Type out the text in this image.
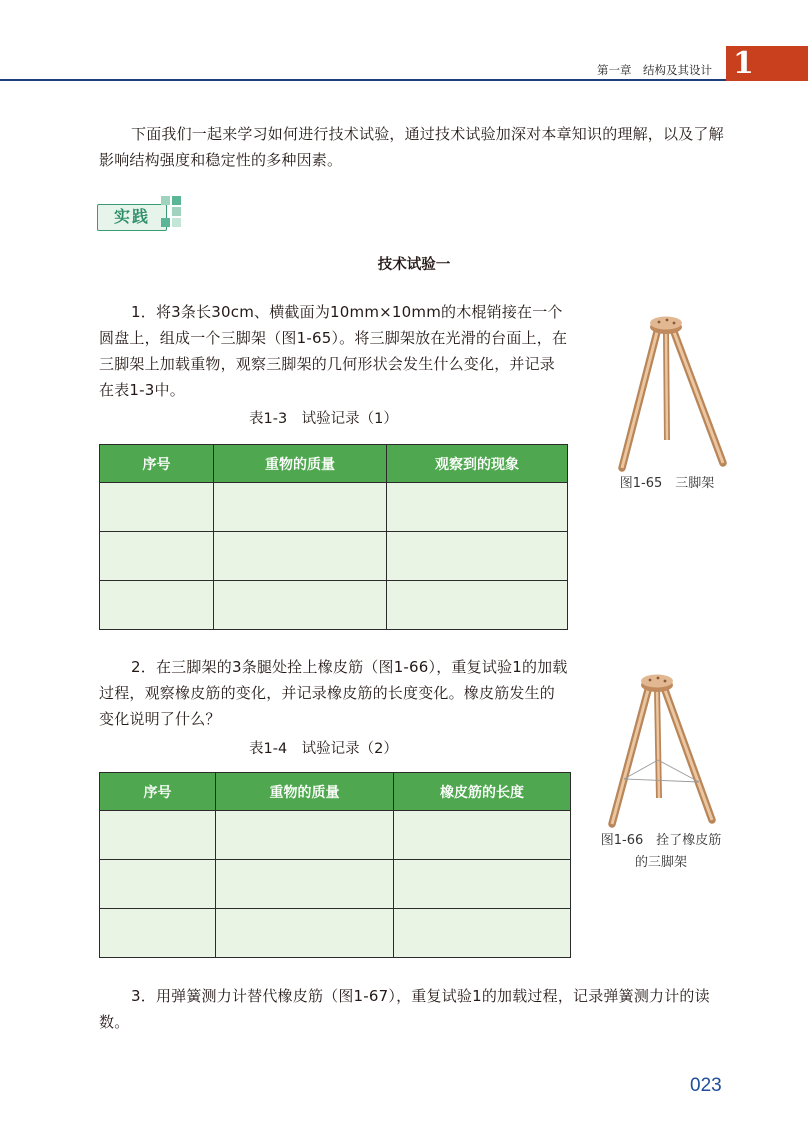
第一章　结构及其设计 1

下面我们一起来学习如何进行技术试验，通过技术试验加深对本章知识的理解，以及了解影响结构强度和稳定性的多种因素。

实践
技术试验一

1．将3条长30cm、横截面为10mm×10mm的木棍销接在一个圆盘上，组成一个三脚架（图1-65）。将三脚架放在光滑的台面上，在三脚架上加载重物，观察三脚架的几何形状会发生什么变化，并记录在表1-3中。

表1-3　试验记录（1）
序号	重物的质量	观察到的现象

2．在三脚架的3条腿处拴上橡皮筋（图1-66），重复试验1的加载过程，观察橡皮筋的变化，并记录橡皮筋的长度变化。橡皮筋发生的变化说明了什么？

表1-4　试验记录（2）
序号	重物的质量	橡皮筋的长度

3．用弹簧测力计替代橡皮筋（图1-67），重复试验1的加载过程，记录弹簧测力计的读数。

图1-65　三脚架
图1-66　拴了橡皮筋的三脚架
023
